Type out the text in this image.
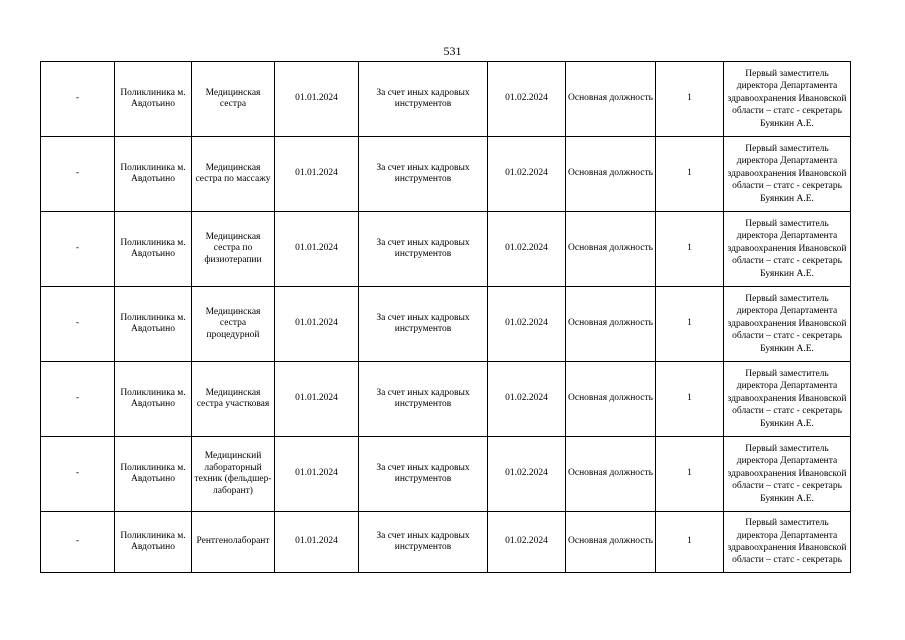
531
-	Поликлиника м. Авдотьино	Медицинская сестра	01.01.2024	За счет иных кадровых инструментов	01.02.2024	Основная должность	1	Первый заместитель директора Департамента здравоохранения Ивановской области – статс - секретарь Буянкин А.Е.
-	Поликлиника м. Авдотьино	Медицинская сестра по массажу	01.01.2024	За счет иных кадровых инструментов	01.02.2024	Основная должность	1	Первый заместитель директора Департамента здравоохранения Ивановской области – статс - секретарь Буянкин А.Е.
-	Поликлиника м. Авдотьино	Медицинская сестра по физиотерапии	01.01.2024	За счет иных кадровых инструментов	01.02.2024	Основная должность	1	Первый заместитель директора Департамента здравоохранения Ивановской области – статс - секретарь Буянкин А.Е.
-	Поликлиника м. Авдотьино	Медицинская сестра процедурной	01.01.2024	За счет иных кадровых инструментов	01.02.2024	Основная должность	1	Первый заместитель директора Департамента здравоохранения Ивановской области – статс - секретарь Буянкин А.Е.
-	Поликлиника м. Авдотьино	Медицинская сестра участковая	01.01.2024	За счет иных кадровых инструментов	01.02.2024	Основная должность	1	Первый заместитель директора Департамента здравоохранения Ивановской области – статс - секретарь Буянкин А.Е.
-	Поликлиника м. Авдотьино	Медицинский лабораторный техник (фельдшер-лаборант)	01.01.2024	За счет иных кадровых инструментов	01.02.2024	Основная должность	1	Первый заместитель директора Департамента здравоохранения Ивановской области – статс - секретарь Буянкин А.Е.
-	Поликлиника м. Авдотьино	Рентгенолаборант	01.01.2024	За счет иных кадровых инструментов	01.02.2024	Основная должность	1	Первый заместитель директора Департамента здравоохранения Ивановской области – статс - секретарь
